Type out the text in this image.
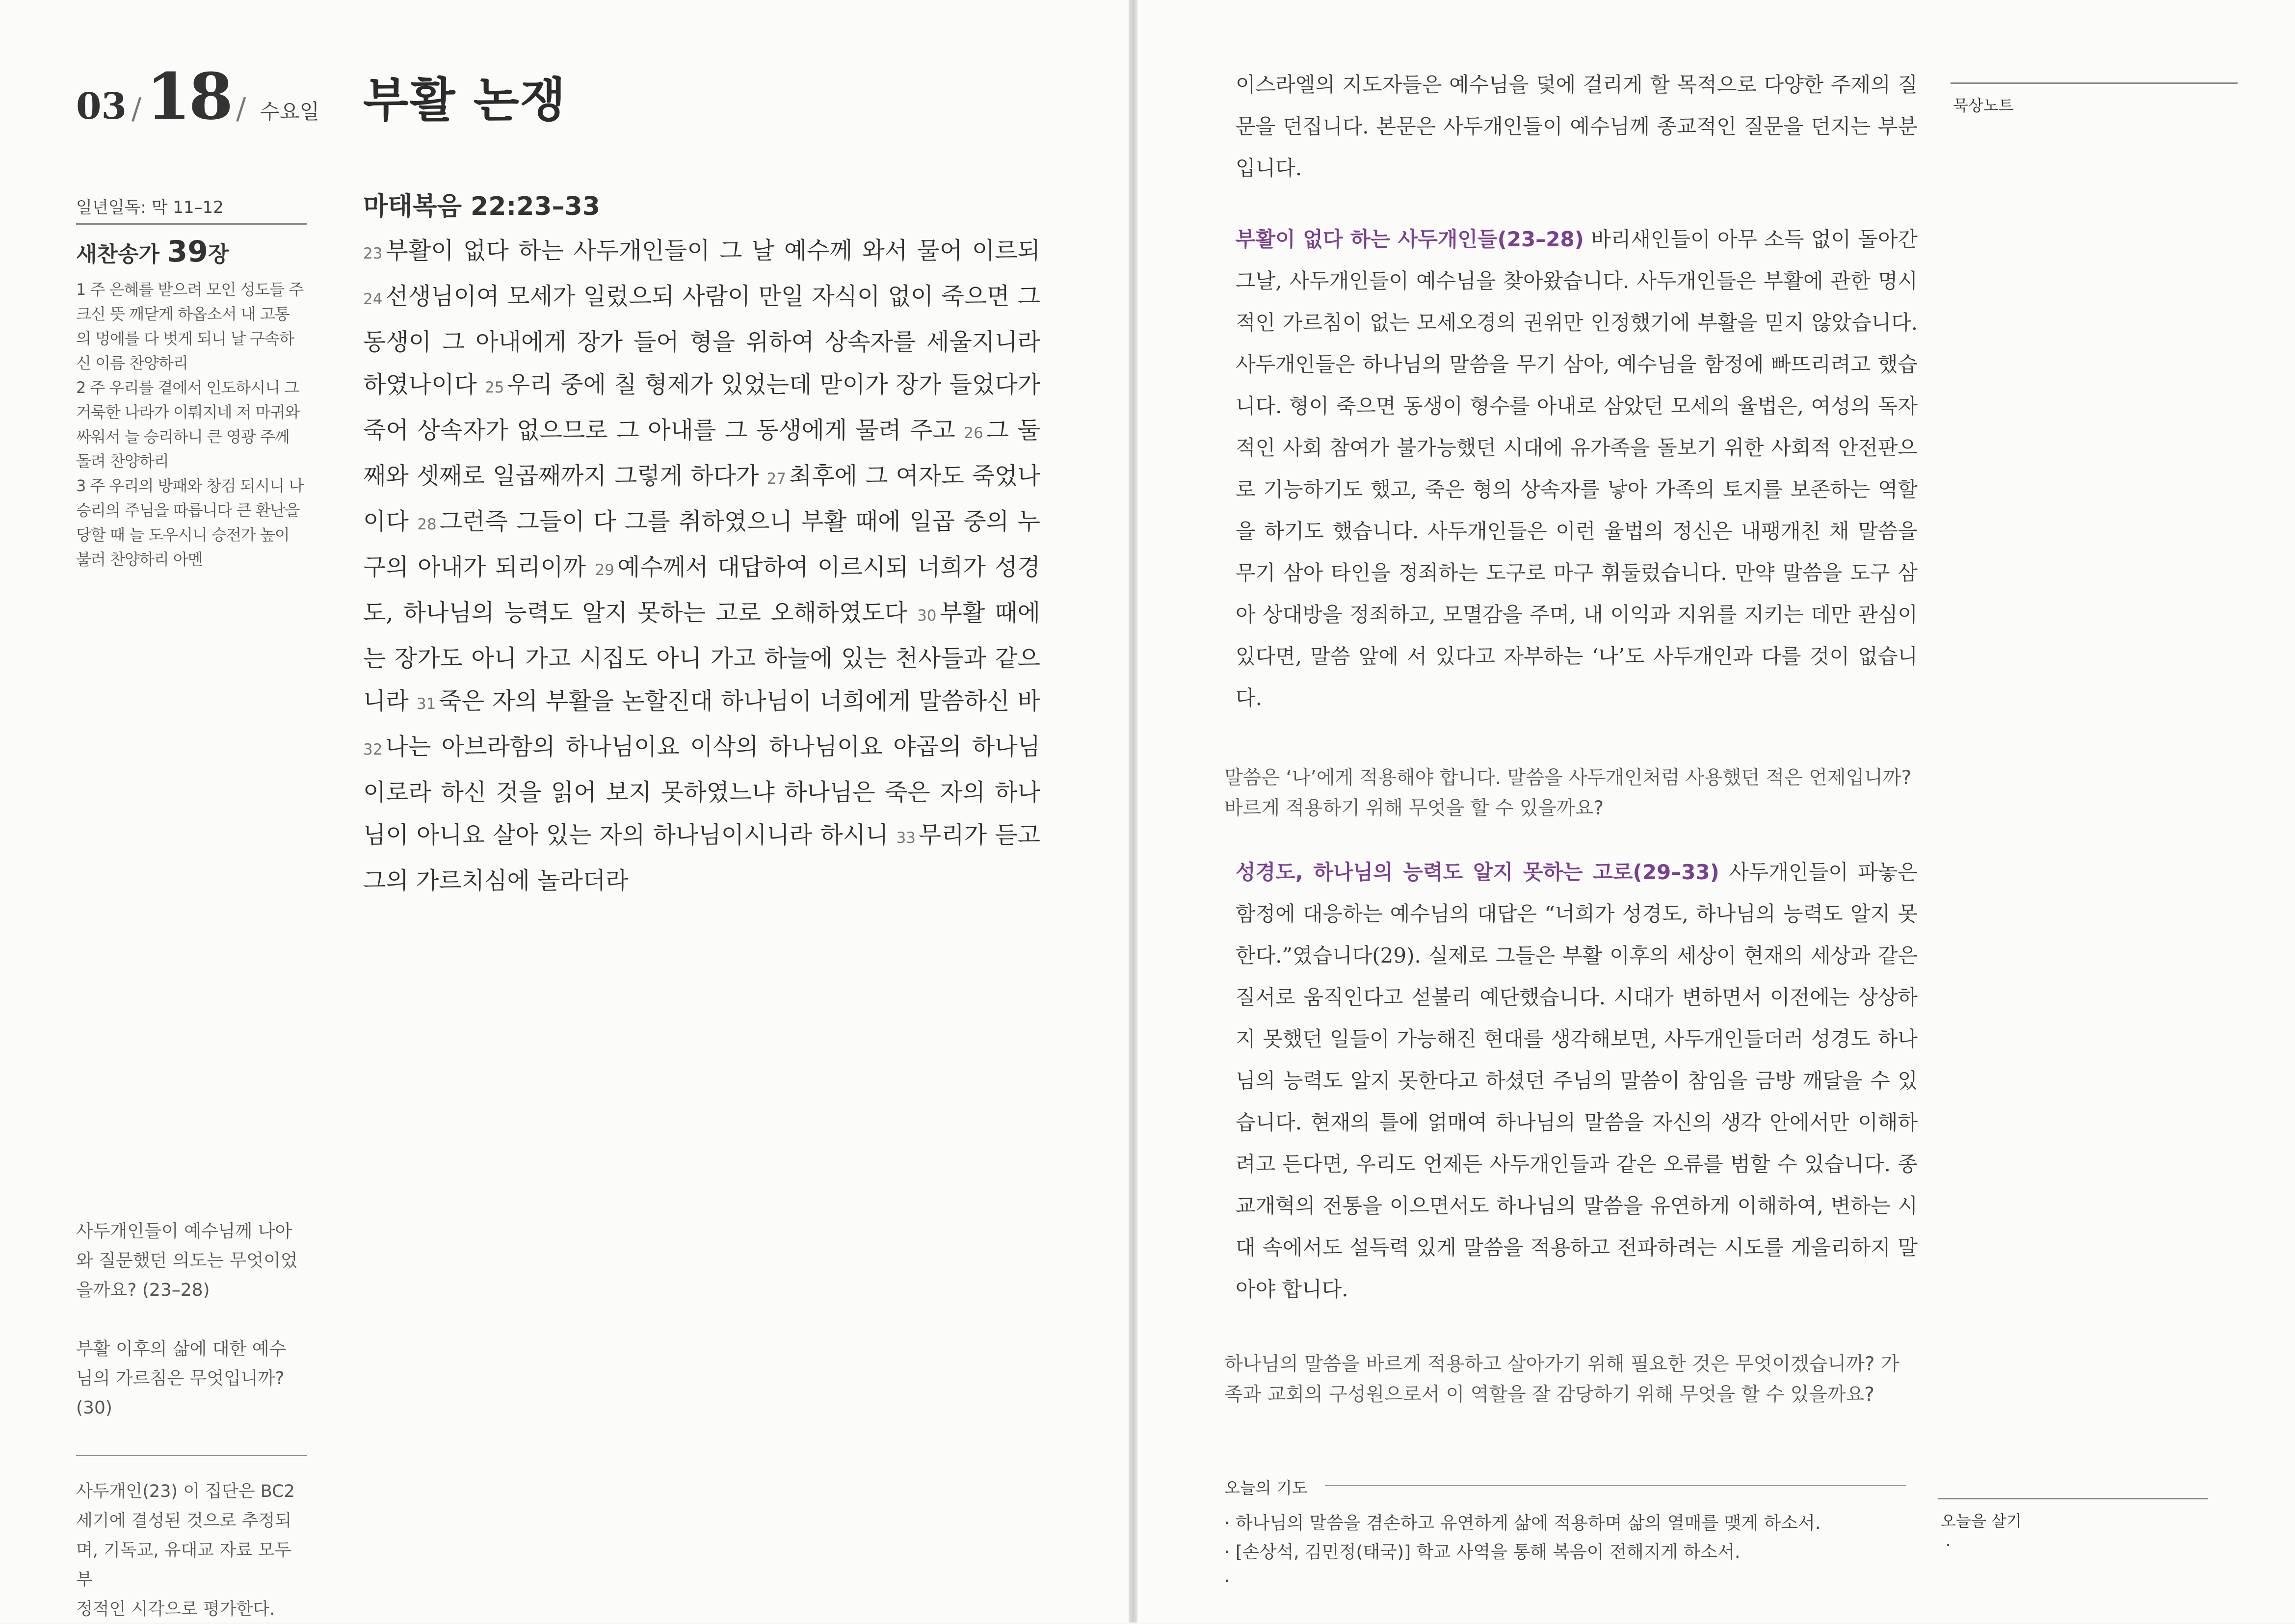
03 /18 / 수요일 부활 논쟁
일년일독: 막 11–12
새찬송가 39장
1 주 은혜를 받으려 모인 성도들 주
크신 뜻 깨닫게 하옵소서 내 고통
의 멍에를 다 벗게 되니 날 구속하
신 이름 찬양하리
2 주 우리를 곁에서 인도하시니 그
거룩한 나라가 이뤄지네 저 마귀와
싸워서 늘 승리하니 큰 영광 주께
돌려 찬양하리
3 주 우리의 방패와 창검 되시니 나
승리의 주님을 따릅니다 큰 환난을
당할 때 늘 도우시니 승전가 높이
불러 찬양하리 아멘
사두개인들이 예수님께 나아
와 질문했던 의도는 무엇이었
을까요? (23–28)
부활 이후의 삶에 대한 예수
님의 가르침은 무엇입니까?
(30)
사두개인(23) 이 집단은 BC2
세기에 결성된 것으로 추정되
며, 기독교, 유대교 자료 모두 부
정적인 시각으로 평가한다.
마태복음 22:23–33
23 부활이 없다 하는 사두개인들이 그 날 예수께 와서 물어 이르되 24 선생님이여 모세가 일렀으되 사람이 만일 자식이 없이 죽으면 그 동생이 그 아내에게 장가 들어 형을 위하여 상속자를 세울지니라 하였나이다 25 우리 중에 칠 형제가 있었는데 맏이가 장가 들었다가 죽어 상속자가 없으므로 그 아내를 그 동생에게 물려 주고 26 그 둘째와 셋째로 일곱째까지 그렇게 하다가 27 최후에 그 여자도 죽었나이다 28 그런즉 그들이 다 그를 취하였으니 부활 때에 일곱 중의 누구의 아내가 되리이까 29 예수께서 대답하여 이르시되 너희가 성경도, 하나님의 능력도 알지 못하는 고로 오해하였도다 30 부활 때에는 장가도 아니 가고 시집도 아니 가고 하늘에 있는 천사들과 같으니라 31 죽은 자의 부활을 논할진대 하나님이 너희에게 말씀하신 바 32 나는 아브라함의 하나님이요 이삭의 하나님이요 야곱의 하나님이로라 하신 것을 읽어 보지 못하였느냐 하나님은 죽은 자의 하나님이 아니요 살아 있는 자의 하나님이시니라 하시니 33 무리가 듣고 그의 가르치심에 놀라더라
이스라엘의 지도자들은 예수님을 덫에 걸리게 할 목적으로 다양한 주제의 질문을 던집니다. 본문은 사두개인들이 예수님께 종교적인 질문을 던지는 부분입니다.
부활이 없다 하는 사두개인들(23–28) 바리새인들이 아무 소득 없이 돌아간 그날, 사두개인들이 예수님을 찾아왔습니다. 사두개인들은 부활에 관한 명시적인 가르침이 없는 모세오경의 권위만 인정했기에 부활을 믿지 않았습니다. 사두개인들은 하나님의 말씀을 무기 삼아, 예수님을 함정에 빠뜨리려고 했습니다. 형이 죽으면 동생이 형수를 아내로 삼았던 모세의 율법은, 여성의 독자적인 사회 참여가 불가능했던 시대에 유가족을 돌보기 위한 사회적 안전판으로 기능하기도 했고, 죽은 형의 상속자를 낳아 가족의 토지를 보존하는 역할을 하기도 했습니다. 사두개인들은 이런 율법의 정신은 내팽개친 채 말씀을 무기 삼아 타인을 정죄하는 도구로 마구 휘둘렀습니다. 만약 말씀을 도구 삼아 상대방을 정죄하고, 모멸감을 주며, 내 이익과 지위를 지키는 데만 관심이 있다면, 말씀 앞에 서 있다고 자부하는 ‘나’도 사두개인과 다를 것이 없습니다.
말씀은 ‘나’에게 적용해야 합니다. 말씀을 사두개인처럼 사용했던 적은 언제입니까? 바르게 적용하기 위해 무엇을 할 수 있을까요?
성경도, 하나님의 능력도 알지 못하는 고로(29–33) 사두개인들이 파놓은 함정에 대응하는 예수님의 대답은 “너희가 성경도, 하나님의 능력도 알지 못한다.”였습니다(29). 실제로 그들은 부활 이후의 세상이 현재의 세상과 같은 질서로 움직인다고 섣불리 예단했습니다. 시대가 변하면서 이전에는 상상하지 못했던 일들이 가능해진 현대를 생각해보면, 사두개인들더러 성경도 하나님의 능력도 알지 못한다고 하셨던 주님의 말씀이 참임을 금방 깨달을 수 있습니다. 현재의 틀에 얽매여 하나님의 말씀을 자신의 생각 안에서만 이해하려고 든다면, 우리도 언제든 사두개인들과 같은 오류를 범할 수 있습니다. 종교개혁의 전통을 이으면서도 하나님의 말씀을 유연하게 이해하여, 변하는 시대 속에서도 설득력 있게 말씀을 적용하고 전파하려는 시도를 게을리하지 말아야 합니다.
하나님의 말씀을 바르게 적용하고 살아가기 위해 필요한 것은 무엇이겠습니까? 가족과 교회의 구성원으로서 이 역할을 잘 감당하기 위해 무엇을 할 수 있을까요?
오늘의 기도
· 하나님의 말씀을 겸손하고 유연하게 삶에 적용하며 삶의 열매를 맺게 하소서.
· [손상석, 김민정(태국)] 학교 사역을 통해 복음이 전해지게 하소서.
·
묵상노트
오늘을 살기
·
